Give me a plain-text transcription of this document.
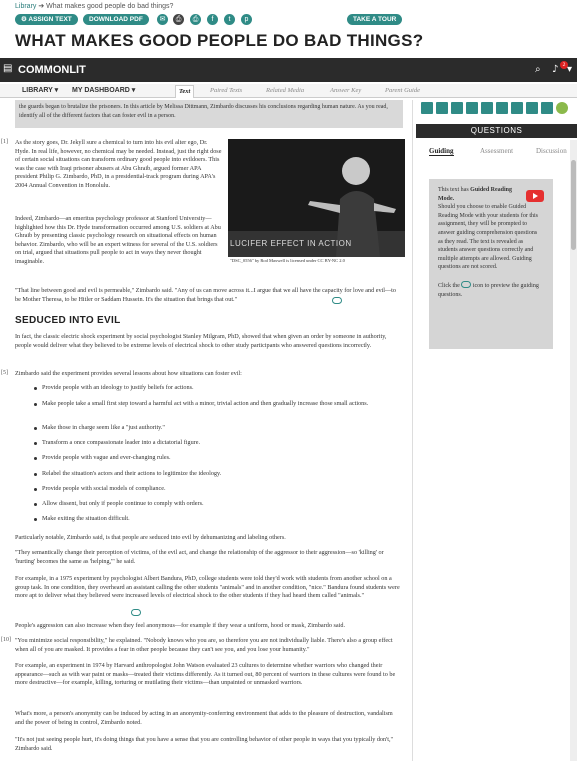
Library ➔ What makes good people do bad things?
⚙ ASSIGN TEXT	DOWNLOAD PDF	✉	⎙	⎙	f	t	p	TAKE A TOUR
WHAT MAKES GOOD PEOPLE DO BAD THINGS?
▤ COMMONLIT	⌕ ♪ 2 ▾
LIBRARY ▾ MY DASHBOARD ▾	Text	Paired Texts	Related Media	Answer Key	Parent Guide
the guards began to brutalize the prisoners. In this article by Melissa Dittmann, Zimbardo discusses his conclusions regarding human nature. As you read, identify all of the different factors that can foster evil in a person.
[1] As the story goes, Dr. Jekyll sure a chemical to turn into his evil alter ego, Dr. Hyde. In real life, however, no chemical may be needed. Instead, just the right dose of certain social situations can transform ordinary good people into evildoers. This was the case with Iraqi prisoner abusers at Abu Ghraib, argued former APA president Philip G. Zimbardo, PhD, in a presidential-track program during APA's 2004 Annual Convention in Honolulu.
Indeed, Zimbardo—an emeritus psychology professor at Stanford University—highlighted how this Dr. Hyde transformation occurred among U.S. soldiers at Abu Ghraib by presenting classic psychology research on situational effects on human behavior. Zimbardo, who will be an expert witness for several of the U.S. soldiers on trial, argued that situations pull people to act in ways they never thought imaginable.
LUCIFER EFFECT IN ACTION
"DSC_0556" by Rod Maxwell is licensed under CC BY-NC 2.0
"That line between good and evil is permeable," Zimbardo said. "Any of us can move across it...I argue that we all have the capacity for love and evil—to be Mother Theresa, to be Hitler or Saddam Hussein. It's the situation that brings that out."
SEDUCED INTO EVIL
In fact, the classic electric shock experiment by social psychologist Stanley Milgram, PhD, showed that when given an order by someone in authority, people would deliver what they believed to be extreme levels of electrical shock to other study participants who answered questions incorrectly.
[5] Zimbardo said the experiment provides several lessons about how situations can foster evil:
Provide people with an ideology to justify beliefs for actions.
Make people take a small first step toward a harmful act with a minor, trivial action and then gradually increase those small actions.
Make those in charge seem like a "just authority."
Transform a once compassionate leader into a dictatorial figure.
Provide people with vague and ever-changing rules.
Relabel the situation's actors and their actions to legitimize the ideology.
Provide people with social models of compliance.
Allow dissent, but only if people continue to comply with orders.
Make exiting the situation difficult.
Particularly notable, Zimbardo said, is that people are seduced into evil by dehumanizing and labeling others.
"They semantically change their perception of victims, of the evil act, and change the relationship of the aggressor to their aggression—so 'killing' or 'hurting' becomes the same as 'helping,'" he said.
For example, in a 1975 experiment by psychologist Albert Bandura, PhD, college students were told they'd work with students from another school on a group task. In one condition, they overheard an assistant calling the other students "animals" and in another condition, "nice." Bandura found students were more apt to deliver what they believed were increased levels of electrical shock to the other students if they had heard them called "animals."
People's aggression can also increase when they feel anonymous—for example if they wear a uniform, hood or mask, Zimbardo said.
[10] "You minimize social responsibility," he explained. "Nobody knows who you are, so therefore you are not individually liable. There's also a group effect when all of you are masked. It provides a fear in other people because they can't see you, and you lose your humanity."
For example, an experiment in 1974 by Harvard anthropologist John Watson evaluated 23 cultures to determine whether warriors who changed their appearance—such as with war paint or masks—treated their victims differently. As it turned out, 80 percent of warriors in these cultures were found to be more destructive—for example, killing, torturing or mutilating their victims—than unpainted or unmasked warriors.
What's more, a person's anonymity can be induced by acting in an anonymity-conferring environment that adds to the pleasure of destruction, vandalism and the power of being in control, Zimbardo noted.
"It's not just seeing people hurt, it's doing things that you have a sense that you are controlling behavior of other people in ways that you typically don't," Zimbardo said.
QUESTIONS
Guiding	Assessment	Discussion
This text has Guided Reading Mode.
Should you choose to enable Guided Reading Mode with your students for this assignment, they will be prompted to answer guiding comprehension questions as they read. The text is revealed as students answer questions correctly and multiple attempts are allowed. Guiding questions are not scored.
Click the icon to preview the guiding questions.
